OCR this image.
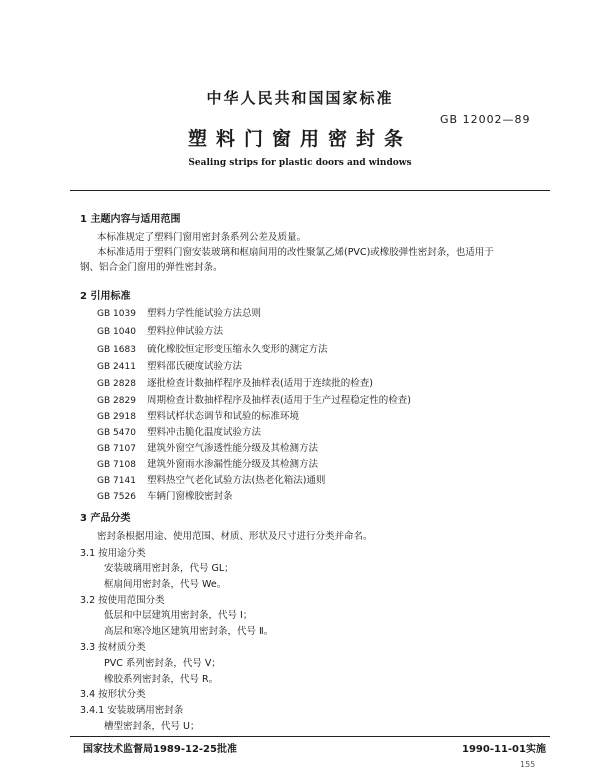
中华人民共和国国家标准
GB 12002—89
塑料门窗用密封条
Sealing strips for plastic doors and windows
1 主题内容与适用范围
本标准规定了塑料门窗用密封条系列公差及质量。
本标准适用于塑料门窗安装玻璃和框扇间用的改性聚氯乙烯(PVC)或橡胶弹性密封条，也适用于
钢、铝合金门窗用的弹性密封条。
2 引用标准
GB 1039 塑料力学性能试验方法总则
GB 1040 塑料拉伸试验方法
GB 1683 硫化橡胶恒定形变压缩永久变形的测定方法
GB 2411 塑料邵氏硬度试验方法
GB 2828 逐批检查计数抽样程序及抽样表(适用于连续批的检查)
GB 2829 周期检查计数抽样程序及抽样表(适用于生产过程稳定性的检查)
GB 2918 塑料试样状态调节和试验的标准环境
GB 5470 塑料冲击脆化温度试验方法
GB 7107 建筑外窗空气渗透性能分级及其检测方法
GB 7108 建筑外窗雨水渗漏性能分级及其检测方法
GB 7141 塑料热空气老化试验方法(热老化箱法)通则
GB 7526 车辆门窗橡胶密封条
3 产品分类
密封条根据用途、使用范围、材质、形状及尺寸进行分类并命名。
3.1 按用途分类
安装玻璃用密封条，代号 GL；
框扇间用密封条，代号 We。
3.2 按使用范围分类
低层和中层建筑用密封条，代号 Ⅰ；
高层和寒冷地区建筑用密封条，代号 Ⅱ。
3.3 按材质分类
PVC 系列密封条，代号 V；
橡胶系列密封条，代号 R。
3.4 按形状分类
3.4.1 安装玻璃用密封条
槽型密封条，代号 U；
国家技术监督局1989-12-25批准	1990-11-01实施
155
